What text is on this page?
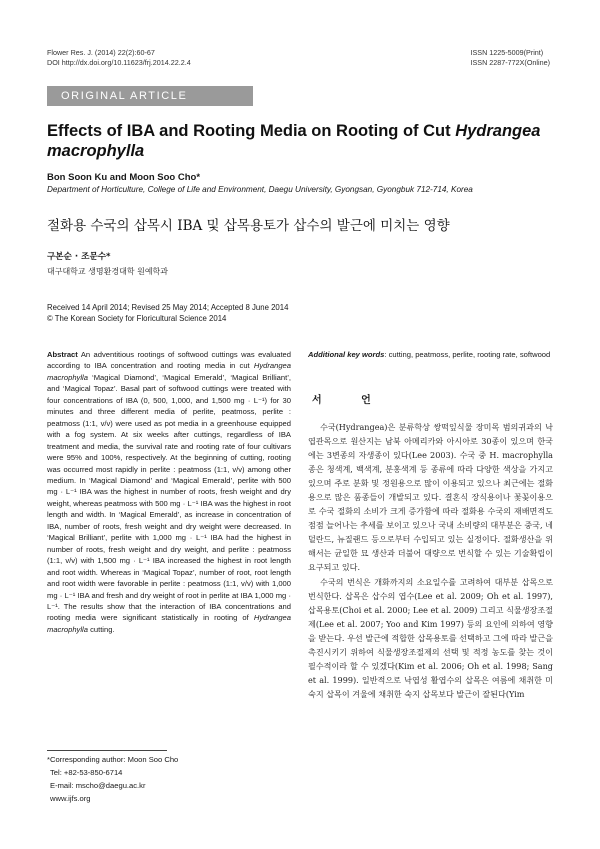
Flower Res. J. (2014) 22(2):60-67
DOI http://dx.doi.org/10.11623/frj.2014.22.2.4
ISSN 1225-5009(Print)
ISSN 2287-772X(Online)
ORIGINAL ARTICLE
Effects of IBA and Rooting Media on Rooting of Cut Hydrangea macrophylla
Bon Soon Ku and Moon Soo Cho*
Department of Horticulture, College of Life and Environment, Daegu University, Gyongsan, Gyongbuk 712-714, Korea
절화용 수국의 삽목시 IBA 및 삽목용토가 삽수의 발근에 미치는 영향
구본순 · 조문수*
대구대학교 생명환경대학 원예학과
Received 14 April 2014; Revised 25 May 2014; Accepted 8 June 2014
© The Korean Society for Floricultural Science 2014
Abstract An adventitious rootings of softwood cuttings was evaluated according to IBA concentration and rooting media in cut Hydrangea macrophylla ‘Magical Diamond’, ‘Magical Emerald’, ‘Magical Brilliant’, and ‘Magical Topaz’. Basal part of softwood cuttings were treated with four concentrations of IBA (0, 500, 1,000, and 1,500 mg · L⁻¹) for 30 minutes and three different media of perlite, peatmoss, perlite : peatmoss (1:1, v/v) were used as pot media in a greenhouse equipped with a fog system. At six weeks after cuttings, regardless of IBA treatment and media, the survival rate and rooting rate of four cultivars were 95% and 100%, respectively. At the beginning of cutting, rooting was occurred most rapidly in perlite : peatmoss (1:1, v/v) among other medium. In ‘Magical Diamond’ and ‘Magical Emerald’, perlite with 500 mg · L⁻¹ IBA was the highest in number of roots, fresh weight and dry weight, whereas peatmoss with 500 mg · L⁻¹ IBA was the highest in root length and width. In ‘Magical Emerald’, as increase in concentration of IBA, number of roots, fresh weight and dry weight were decreased. In ‘Magical Brilliant’, perlite with 1,000 mg · L⁻¹ IBA had the highest in number of roots, fresh weight and dry weight, and perlite : peatmoss (1:1, v/v) with 1,500 mg · L⁻¹ IBA increased the highest in root length and root width. Whereas in ‘Magical Topaz’, number of root, root length and root width were favorable in perlite : peatmoss (1:1, v/v) with 1,000 mg · L⁻¹ IBA and fresh and dry weight of root in perlite at IBA 1,000 mg · L⁻¹. The results show that the interaction of IBA concentrations and rooting media were significant statistically in rooting of Hydrangea macrophylla cutting.
*Corresponding author: Moon Soo Cho
Tel: +82-53-850-6714
E-mail: mscho@daegu.ac.kr
www.ijfs.org
Additional key words: cutting, peatmoss, perlite, rooting rate, softwood
서 언

수국(Hydrangea)은 분류학상 쌍떡잎식물 장미목 범의귀과의 낙엽관목으로 원산지는 남북 아메리카와 아시아로 30종이 있으며 한국에는 3변종의 자생종이 있다(Lee 2003). 수국 중 H. macrophylla 종은 청색계, 백색계, 분홍색계 등 종류에 따라 다양한 색상을 가지고 있으며 주로 분화 및 정원용으로 많이 이용되고 있으나 최근에는 절화용으로 많은 품종들이 개발되고 있다. 결혼식 장식용이나 꽃꽂이용으로 수국 절화의 소비가 크게 증가함에 따라 절화용 수국의 재배면적도 점점 늘어나는 추세를 보이고 있으나 국내 소비량의 대부분은 중국, 네덜란드, 뉴질랜드 등으로부터 수입되고 있는 실정이다. 절화생산을 위해서는 균일한 묘 생산과 더불어 대량으로 번식할 수 있는 기술확립이 요구되고 있다.

수국의 번식은 개화까지의 소요일수를 고려하여 대부분 삽목으로 번식한다. 삽목은 삽수의 엽수(Lee et al. 2009; Oh et al. 1997), 삽목용토(Choi et al. 2000; Lee et al. 2009) 그리고 식물생장조절제(Lee et al. 2007; Yoo and Kim 1997) 등의 요인에 의하여 영향을 받는다. 우선 발근에 적합한 삽목용토를 선택하고 그에 따라 발근을 촉진시키기 위하여 식물생장조절제의 선택 및 적정 농도를 찾는 것이 필수적이라 할 수 있겠다(Kim et al. 2006; Oh et al. 1998; Sang et al. 1999). 일반적으로 낙엽성 활엽수의 삽목은 여름에 채취한 미숙지 삽목이 겨울에 채취한 숙지 삽목보다 발근이 잘된다(Yim
